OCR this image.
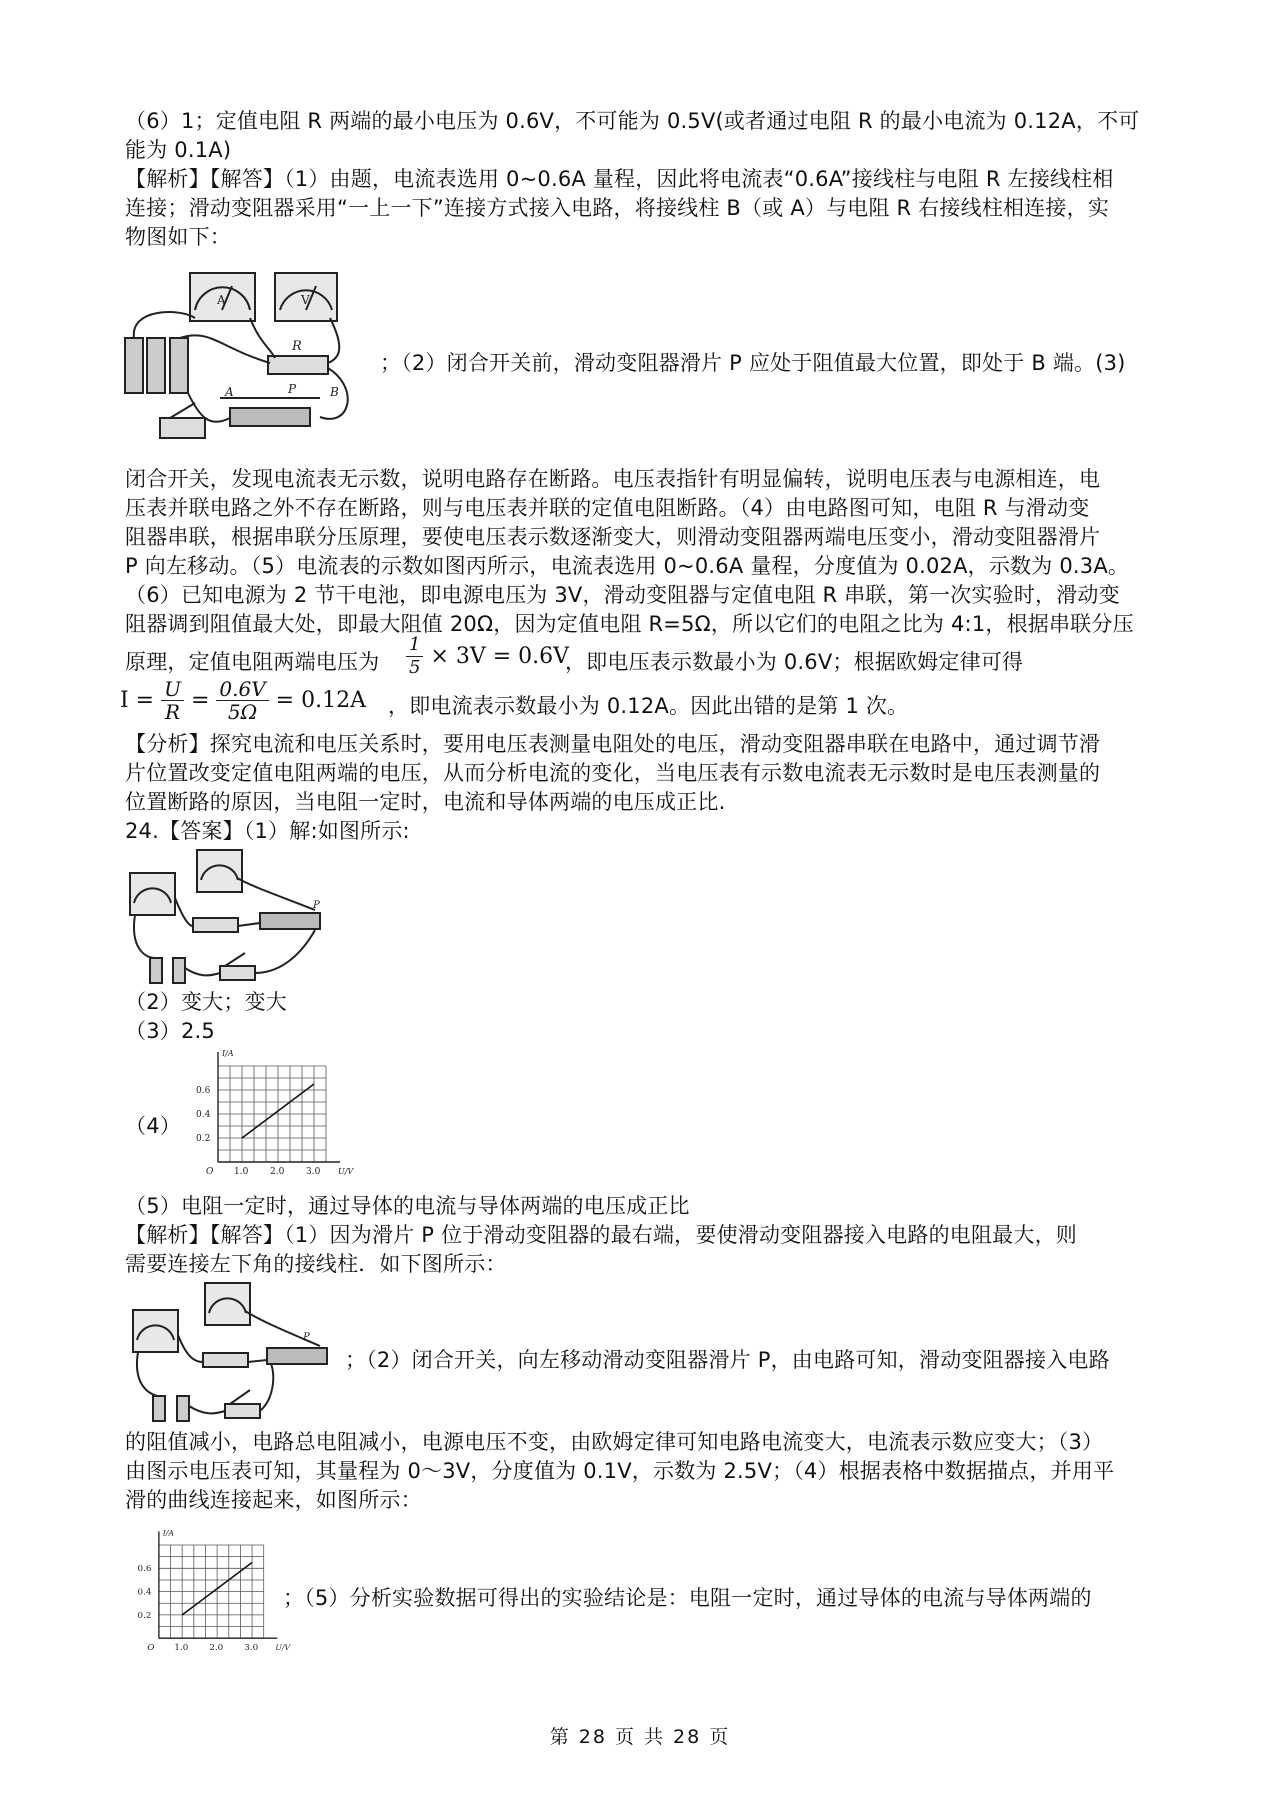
（6）1；定值电阻 R 两端的最小电压为 0.6V，不可能为 0.5V(或者通过电阻 R 的最小电流为 0.12A，不可
能为 0.1A)
【解析】【解答】（1）由题，电流表选用 0~0.6A 量程，因此将电流表“0.6A”接线柱与电阻 R 左接线柱相
连接；滑动变阻器采用“一上一下”连接方式接入电路，将接线柱 B（或 A）与电阻 R 右接线柱相连接，实
物图如下：
A	V
R
P
A	B
；（2）闭合开关前，滑动变阻器滑片 P 应处于阻值最大位置，即处于 B 端。(3)
闭合开关，发现电流表无示数，说明电路存在断路。电压表指针有明显偏转，说明电压表与电源相连，电
压表并联电路之外不存在断路，则与电压表并联的定值电阻断路。（4）由电路图可知，电阻 R 与滑动变
阻器串联，根据串联分压原理，要使电压表示数逐渐变大，则滑动变阻器两端电压变小，滑动变阻器滑片
P 向左移动。（5）电流表的示数如图丙所示，电流表选用 0~0.6A 量程，分度值为 0.02A，示数为 0.3A。
（6）已知电源为 2 节干电池，即电源电压为 3V，滑动变阻器与定值电阻 R 串联，第一次实验时，滑动变
阻器调到阻值最大处，即最大阻值 20Ω，因为定值电阻 R=5Ω，所以它们的电阻之比为 4:1，根据串联分压
原理，定值电阻两端电压为 $\frac{1}{5} \times 3V = 0.6V$
，即电压表示数最小为 0.6V；根据欧姆定律可得
$I = \frac{U}{R} = \frac{0.6V}{5\Omega} = 0.12A$ ，即电流表示数最小为 0.12A。因此出错的是第 1 次。
【分析】探究电流和电压关系时，要用电压表测量电阻处的电压，滑动变阻器串联在电路中，通过调节滑
片位置改变定值电阻两端的电压，从而分析电流的变化，当电压表有示数电流表无示数时是电压表测量的
位置断路的原因，当电阻一定时，电流和导体两端的电压成正比.
24.【答案】（1）解:如图所示:
P
（2）变大；变大
（3）2.5
（4）
I/A
U/V
O
0.2
0.4
0.6
1.0 2.0 3.0
（5）电阻一定时，通过导体的电流与导体两端的电压成正比
【解析】【解答】（1）因为滑片 P 位于滑动变阻器的最右端，要使滑动变阻器接入电路的电阻最大，则
需要连接左下角的接线柱．如下图所示：
P
；（2）闭合开关，向左移动滑动变阻器滑片 P，由电路可知，滑动变阻器接入电路
的阻值减小，电路总电阻减小，电源电压不变，由欧姆定律可知电路电流变大，电流表示数应变大；（3）
由图示电压表可知，其量程为 0～3V，分度值为 0.1V，示数为 2.5V；（4）根据表格中数据描点，并用平
滑的曲线连接起来，如图所示：
I/A
U/V
O
0.2
0.4
0.6
1.0 2.0 3.0
；（5）分析实验数据可得出的实验结论是：电阻一定时，通过导体的电流与导体两端的
第 28 页 共 28 页
